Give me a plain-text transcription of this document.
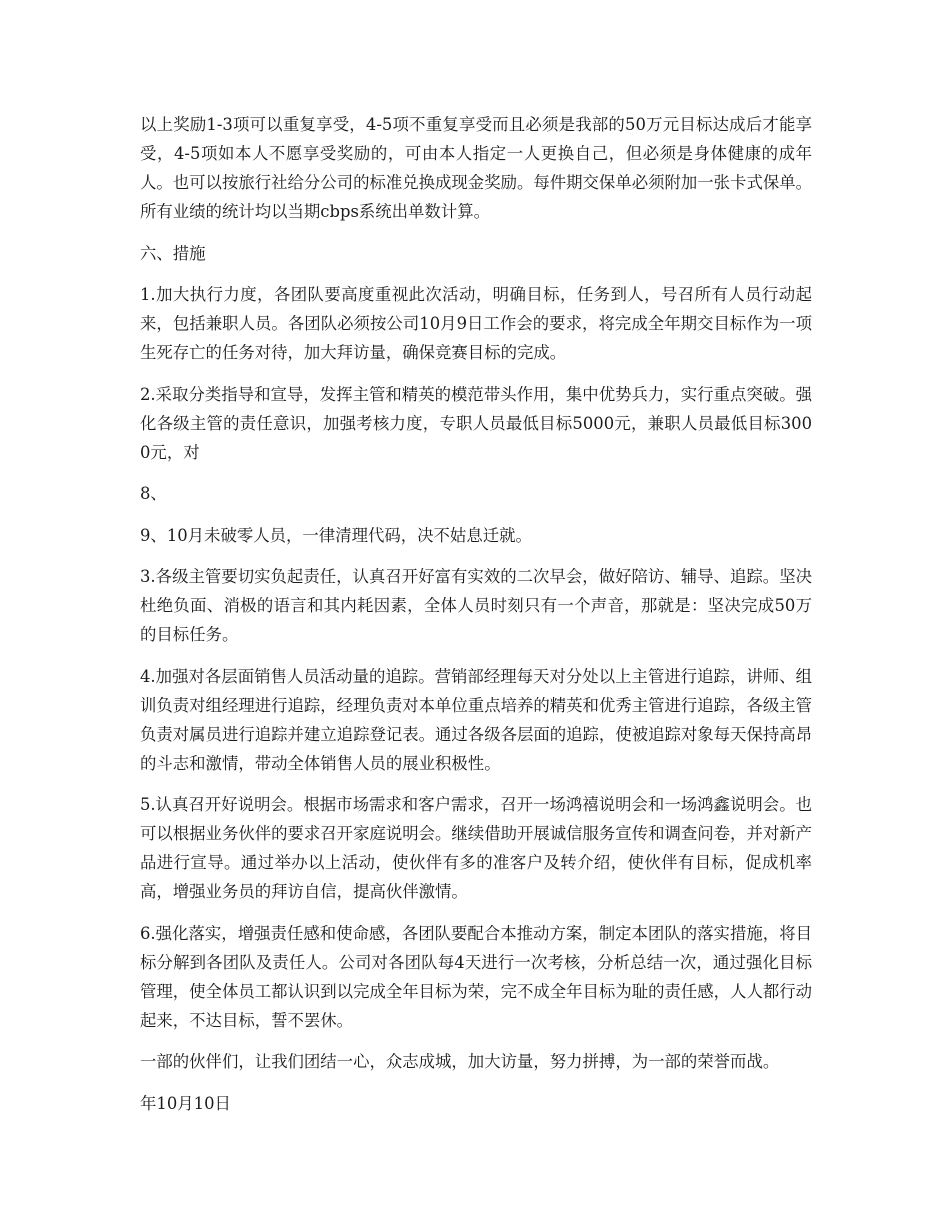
以上奖励1-3项可以重复享受，4-5项不重复享受而且必须是我部的50万元目标达成后才能享受，4-5项如本人不愿享受奖励的，可由本人指定一人更换自己，但必须是身体健康的成年人。也可以按旅行社给分公司的标准兑换成现金奖励。每件期交保单必须附加一张卡式保单。所有业绩的统计均以当期cbps系统出单数计算。

六、措施

1.加大执行力度，各团队要高度重视此次活动，明确目标，任务到人，号召所有人员行动起来，包括兼职人员。各团队必须按公司10月9日工作会的要求，将完成全年期交目标作为一项生死存亡的任务对待，加大拜访量，确保竞赛目标的完成。

2.采取分类指导和宣导，发挥主管和精英的模范带头作用，集中优势兵力，实行重点突破。强化各级主管的责任意识，加强考核力度，专职人员最低目标5000元，兼职人员最低目标3000元，对

8、

9、10月未破零人员，一律清理代码，决不姑息迁就。

3.各级主管要切实负起责任，认真召开好富有实效的二次早会，做好陪访、辅导、追踪。坚决杜绝负面、消极的语言和其内耗因素，全体人员时刻只有一个声音，那就是：坚决完成50万的目标任务。

4.加强对各层面销售人员活动量的追踪。营销部经理每天对分处以上主管进行追踪，讲师、组训负责对组经理进行追踪，经理负责对本单位重点培养的精英和优秀主管进行追踪，各级主管负责对属员进行追踪并建立追踪登记表。通过各级各层面的追踪，使被追踪对象每天保持高昂的斗志和激情，带动全体销售人员的展业积极性。

5.认真召开好说明会。根据市场需求和客户需求，召开一场鸿禧说明会和一场鸿鑫说明会。也可以根据业务伙伴的要求召开家庭说明会。继续借助开展诚信服务宣传和调查问卷，并对新产品进行宣导。通过举办以上活动，使伙伴有多的准客户及转介绍，使伙伴有目标，促成机率高，增强业务员的拜访自信，提高伙伴激情。

6.强化落实，增强责任感和使命感，各团队要配合本推动方案，制定本团队的落实措施，将目标分解到各团队及责任人。公司对各团队每4天进行一次考核，分析总结一次，通过强化目标管理，使全体员工都认识到以完成全年目标为荣，完不成全年目标为耻的责任感，人人都行动起来，不达目标，誓不罢休。

一部的伙伴们，让我们团结一心，众志成城，加大访量，努力拼搏，为一部的荣誉而战。

年10月10日
